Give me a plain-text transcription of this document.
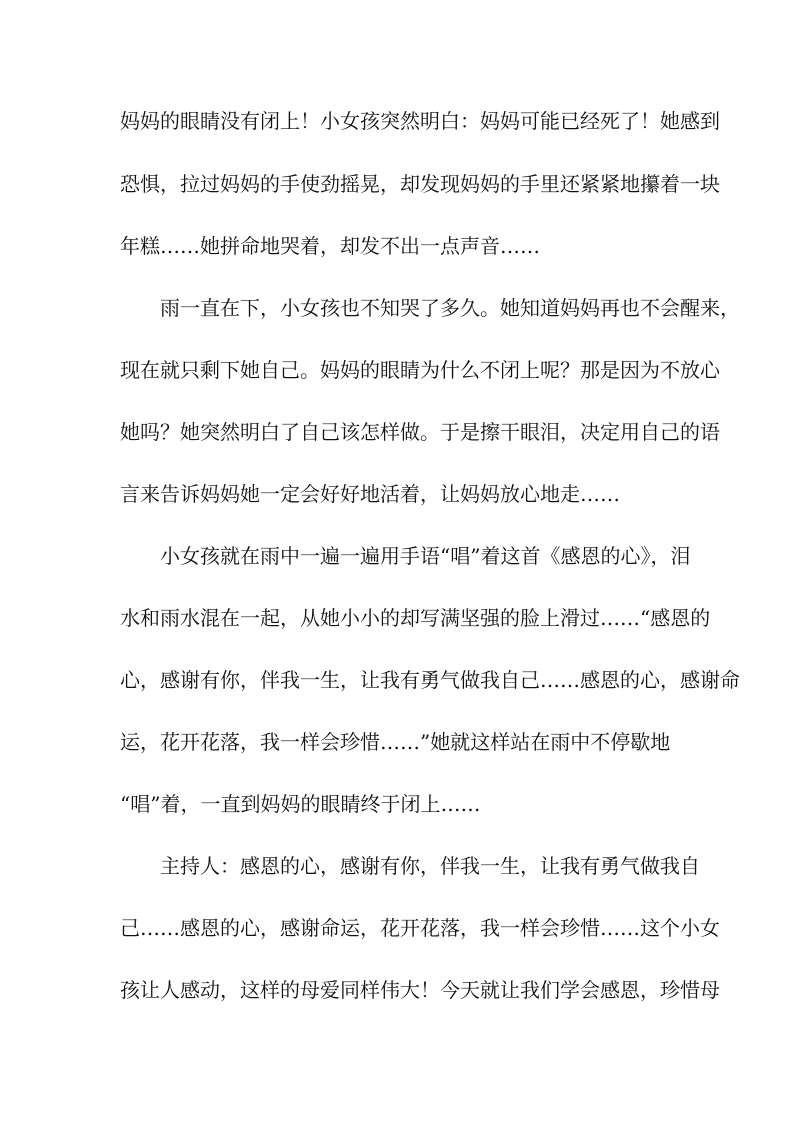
妈妈的眼睛没有闭上！小女孩突然明白：妈妈可能已经死了！她感到
恐惧，拉过妈妈的手使劲摇晃，却发现妈妈的手里还紧紧地攥着一块
年糕……她拼命地哭着，却发不出一点声音……
雨一直在下，小女孩也不知哭了多久。她知道妈妈再也不会醒来，
现在就只剩下她自己。妈妈的眼睛为什么不闭上呢？那是因为不放心
她吗？她突然明白了自己该怎样做。于是擦干眼泪，决定用自己的语
言来告诉妈妈她一定会好好地活着，让妈妈放心地走……
小女孩就在雨中一遍一遍用手语“唱”着这首《感恩的心》，泪
水和雨水混在一起，从她小小的却写满坚强的脸上滑过……“感恩的
心，感谢有你，伴我一生，让我有勇气做我自己……感恩的心，感谢命
运，花开花落，我一样会珍惜……”她就这样站在雨中不停歇地
“唱”着，一直到妈妈的眼睛终于闭上……
主持人：感恩的心，感谢有你，伴我一生，让我有勇气做我自
己……感恩的心，感谢命运，花开花落，我一样会珍惜……这个小女
孩让人感动，这样的母爱同样伟大！今天就让我们学会感恩，珍惜母
